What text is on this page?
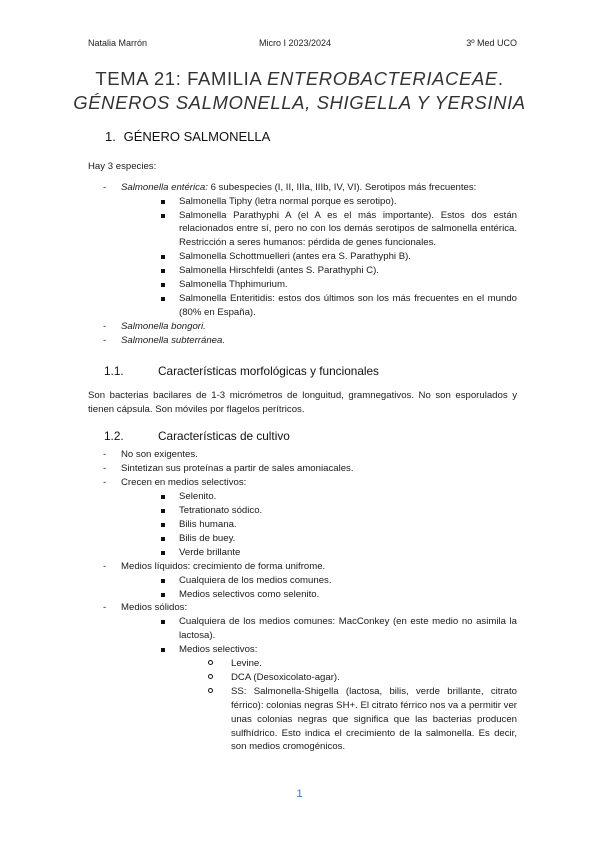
Natalia Marrón	Micro I 2023/2024	3º Med UCO
TEMA 21: FAMILIA ENTEROBACTERIACEAE.
GÉNEROS SALMONELLA, SHIGELLA Y YERSINIA
1. GÉNERO SALMONELLA

Hay 3 especies:

- Salmonella entérica: 6 subespecies (I, II, IIIa, IIIb, IV, VI). Serotipos más frecuentes:
Salmonella Tiphy (letra normal porque es serotipo).
Salmonella Parathyphi A (el A es el más importante). Estos dos están relacionados entre sí, pero no con los demás serotipos de salmonella entérica. Restricción a seres humanos: pérdida de genes funcionales.
Salmonella Schottmuelleri (antes era S. Parathyphi B).
Salmonella Hirschfeldi (antes S. Parathyphi C).
Salmonella Thphimurium.
Salmonella Enteritidis: estos dos últimos son los más frecuentes en el mundo (80% en España).
- Salmonella bongori.
- Salmonella subterránea.
1.1.	Características morfológicas y funcionales

Son bacterias bacilares de 1-3 micrómetros de longuitud, gramnegativos. No son esporulados y tienen cápsula. Son móviles por flagelos perítricos.

1.2.	Características de cultivo
- No son exigentes.
- Sintetizan sus proteínas a partir de sales amoniacales.
- Crecen en medios selectivos:
Selenito.
Tetrationato sódico.
Bilis humana.
Bilis de buey.
Verde brillante
- Medios líquidos: crecimiento de forma unifrome.
Cualquiera de los medios comunes.
Medios selectivos como selenito.
- Medios sólidos:
Cualquiera de los medios comunes: MacConkey (en este medio no asimila la lactosa).
Medios selectivos:
Levine.
DCA (Desoxicolato-agar).
SS: Salmonella-Shigella (lactosa, bilis, verde brillante, citrato férrico): colonias negras SH+. El citrato férrico nos va a permitir ver unas colonias negras que significa que las bacterias producen sulfhídrico. Esto indica el crecimiento de la salmonella. Es decir, son medios cromogénicos.
1
